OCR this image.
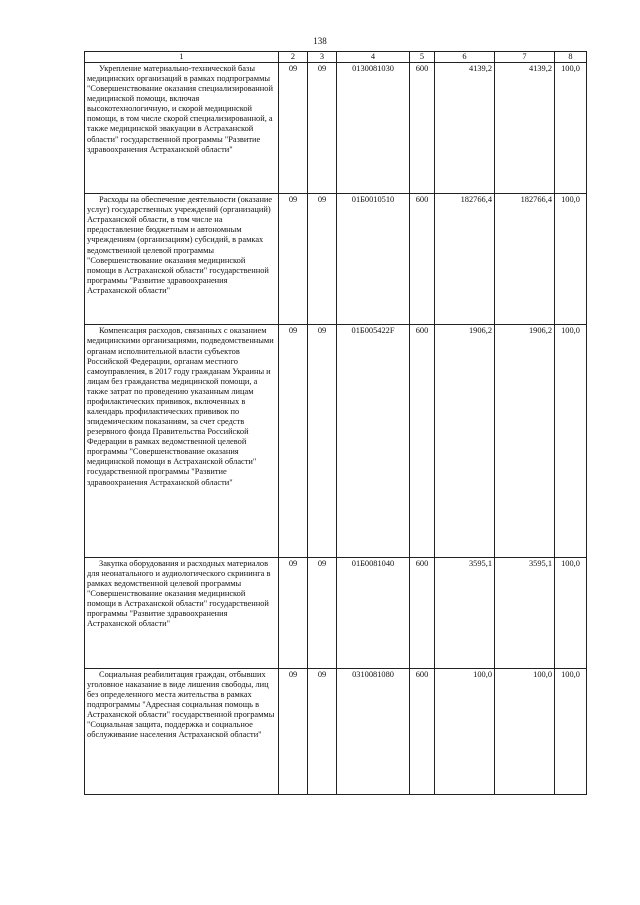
138
1	2	3	4	5	6	7	8
Укрепление материально-технической базы медицинских организаций в рамках подпрограммы "Совершенствование оказания специализированной медицинской помощи, включая высокотехнологичную, и скорой медицинской помощи, в том числе скорой специализированной, а также медицинской эвакуации в Астраханской области" государственной программы "Развитие здравоохранения Астраханской области"	09	09	0130081030	600	4139,2	4139,2	100,0
Расходы на обеспечение деятельности (оказание услуг) государственных учреждений (организаций) Астраханской области, в том числе на предоставление бюджетным и автономным учреждениям (организациям) субсидий, в рамках ведомственной целевой программы "Совершенствование оказания медицинской помощи в Астраханской области" государственной программы "Развитие здравоохранения Астраханской области"	09	09	01Б0010510	600	182766,4	182766,4	100,0
Компенсация расходов, связанных с оказанием медицинскими организациями, подведомственными органам исполнительной власти субъектов Российской Федерации, органам местного самоуправления, в 2017 году гражданам Украины и лицам без гражданства медицинской помощи, а также затрат по проведению указанным лицам профилактических прививок, включенных в календарь профилактических прививок по эпидемическим показаниям, за счет средств резервного фонда Правительства Российской Федерации в рамках ведомственной целевой программы "Совершенствование оказания медицинской помощи в Астраханской области" государственной программы "Развитие здравоохранения Астраханской области"	09	09	01Б005422F	600	1906,2	1906,2	100,0
Закупка оборудования и расходных материалов для неонатального и аудиологического скрининга в рамках ведомственной целевой программы "Совершенствование оказания медицинской помощи в Астраханской области" государственной программы "Развитие здравоохранения Астраханской области"	09	09	01Б0081040	600	3595,1	3595,1	100,0
Социальная реабилитация граждан, отбывших уголовное наказание в виде лишения свободы, лиц без определенного места жительства в рамках подпрограммы "Адресная социальная помощь в Астраханской области" государственной программы "Социальная защита, поддержка и социальное обслуживание населения Астраханской области"	09	09	0310081080	600	100,0	100,0	100,0
